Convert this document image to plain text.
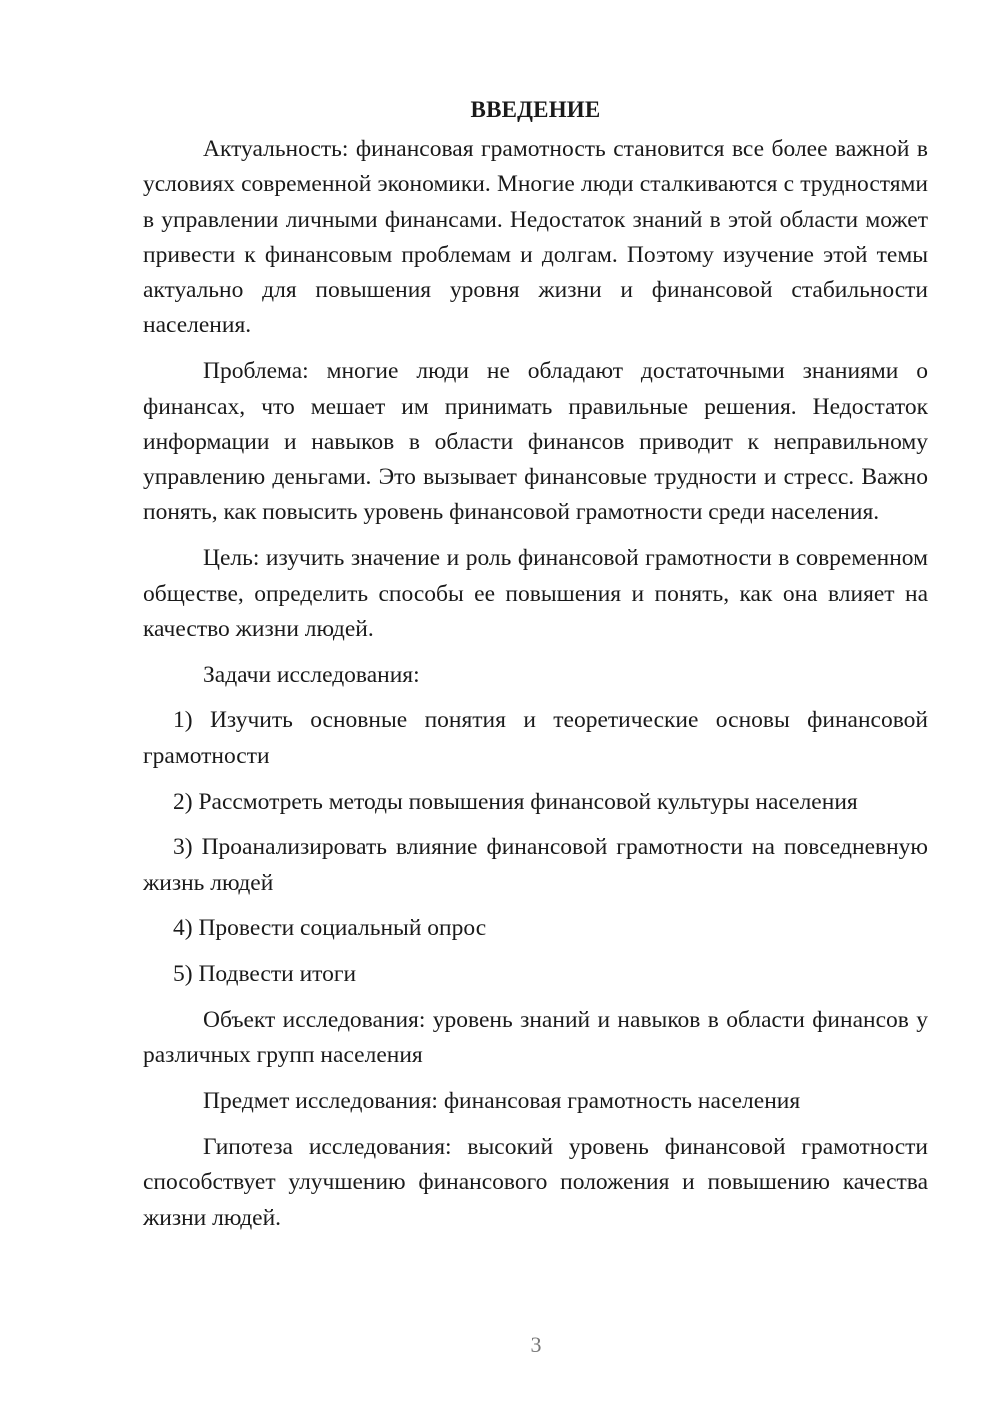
ВВЕДЕНИЕ

Актуальность: финансовая грамотность становится все более важной в условиях современной экономики. Многие люди сталкиваются с трудностями в управлении личными финансами. Недостаток знаний в этой области может привести к финансовым проблемам и долгам. Поэтому изучение этой темы актуально для повышения уровня жизни и финансовой стабильности населения.

Проблема: многие люди не обладают достаточными знаниями о финансах, что мешает им принимать правильные решения. Недостаток информации и навыков в области финансов приводит к неправильному управлению деньгами. Это вызывает финансовые трудности и стресс. Важно понять, как повысить уровень финансовой грамотности среди населения.

Цель: изучить значение и роль финансовой грамотности в современном обществе, определить способы ее повышения и понять, как она влияет на качество жизни людей.

Задачи исследования:

1) Изучить основные понятия и теоретические основы финансовой грамотности

2) Рассмотреть методы повышения финансовой культуры населения

3) Проанализировать влияние финансовой грамотности на повседневную жизнь людей

4) Провести социальный опрос

5) Подвести итоги

Объект исследования: уровень знаний и навыков в области финансов у различных групп населения

Предмет исследования: финансовая грамотность населения

Гипотеза исследования: высокий уровень финансовой грамотности способствует улучшению финансового положения и повышению качества жизни людей.

3
